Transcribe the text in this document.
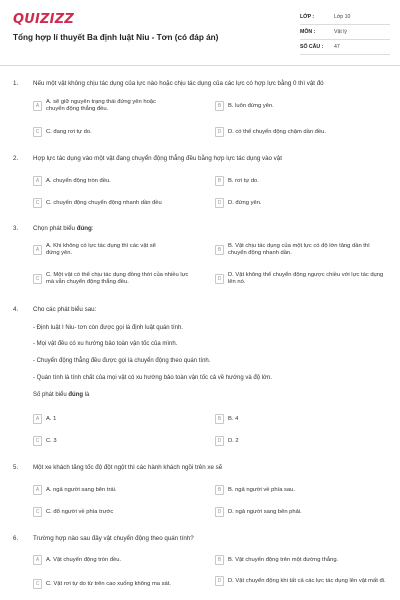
QUIZIZZ
Tổng hợp lí thuyết Ba định luật Niu - Tơn (có đáp án)
LỚP :	Lớp 10
MÔN :	Vật lý
SỐ CÂU :	47
1. Nếu một vật không chịu tác dụng của lực nào hoặc chịu tác dụng của các lực có hợp lực bằng 0 thì vật đó
A
A. sẽ giữ nguyên trạng thái đứng yên hoặc chuyển động thẳng đều.	B	B. luôn đứng yên.
C	C. đang rơi tự do.	D	D. có thể chuyển động chậm dần đều.
2. Hợp lực tác dụng vào một vật đang chuyển động thẳng đều bằng hợp lực tác dụng vào vật
A	A. chuyển động tròn đều.	B	B. rơi tự do.
C	C. chuyển động chuyển động nhanh dần đều	D	D. đứng yên.
3. Chọn phát biểu đúng:
A
A. Khi không có lực tác dụng thì các vật sẽ đứng yên.	B
B. Vật chịu tác dụng của một lực có độ lớn tăng dần thì chuyển động nhanh dần.
C
C. Một vật có thể chịu tác dụng đồng thời của nhiều lực mà vẫn chuyển động thẳng đều.	D
D. Vật không thể chuyển động ngược chiều với lực tác dụng lên nó.
4. Cho các phát biểu sau:
- Định luật I Niu- tơn còn được gọi là định luật quán tính.
- Mọi vật đều có xu hướng bảo toàn vận tốc của mình.
- Chuyển động thẳng đều được gọi là chuyển động theo quán tính.
- Quán tính là tính chất của mọi vật có xu hướng bảo toàn vận tốc cả về hướng và độ lớn.
Số phát biểu đúng là
A	A. 1	B	B. 4
C	C. 3	D	D. 2
5. Một xe khách tăng tốc độ đột ngột thì các hành khách ngồi trên xe sẽ
A	A. ngả người sang bên trái.	B	B. ngả người về phía sau.
C	C. đổ người về phía trước	D	D. ngả người sang bên phải.
6. Trường hợp nào sau đây vật chuyển động theo quán tính?
A	A. Vật chuyển động tròn đều.	B	B. Vật chuyển động trên một đường thẳng.
C	C. Vật rơi tự do từ trên cao xuống không ma sát.	D	D. Vật chuyển động khi tất cả các lực tác dụng lên vật mất đi.
